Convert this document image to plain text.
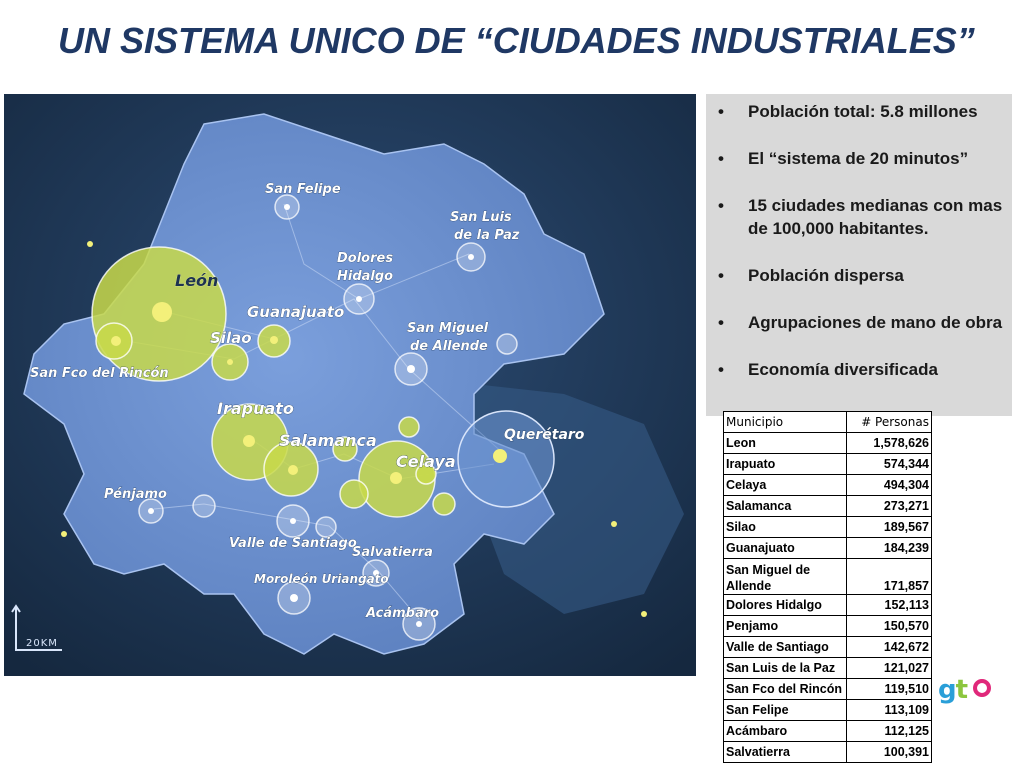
UN SISTEMA UNICO DE “CIUDADES INDUSTRIALES”
San Felipe
San Luis
de la Paz
Dolores
Hidalgo
León
Guanajuato
Silao
San Miguel
de Allende
San Fco del Rincón
Irapuato
Salamanca	Querétaro
Celaya
Pénjamo
Valle de Santiago
Salvatierra
Moroleón Uriangato
Acámbaro
20KM
• Población total: 5.8 millones
• El “sistema de 20 minutos”
• 15 ciudades medianas con mas de 100,000 habitantes.
• Población dispersa
• Agrupaciones de mano de obra
• Economía diversificada
Municipio	# Personas
Leon	1,578,626
Irapuato	574,344
Celaya	494,304
Salamanca	273,271
Silao	189,567
Guanajuato	184,239
San Miguel de Allende	171,857
Dolores Hidalgo	152,113
Penjamo	150,570
Valle de Santiago	142,672
San Luis de la Paz	121,027
San Fco del Rincón	119,510
San Felipe	113,109
Acámbaro	112,125
Salvatierra	100,391
gt
